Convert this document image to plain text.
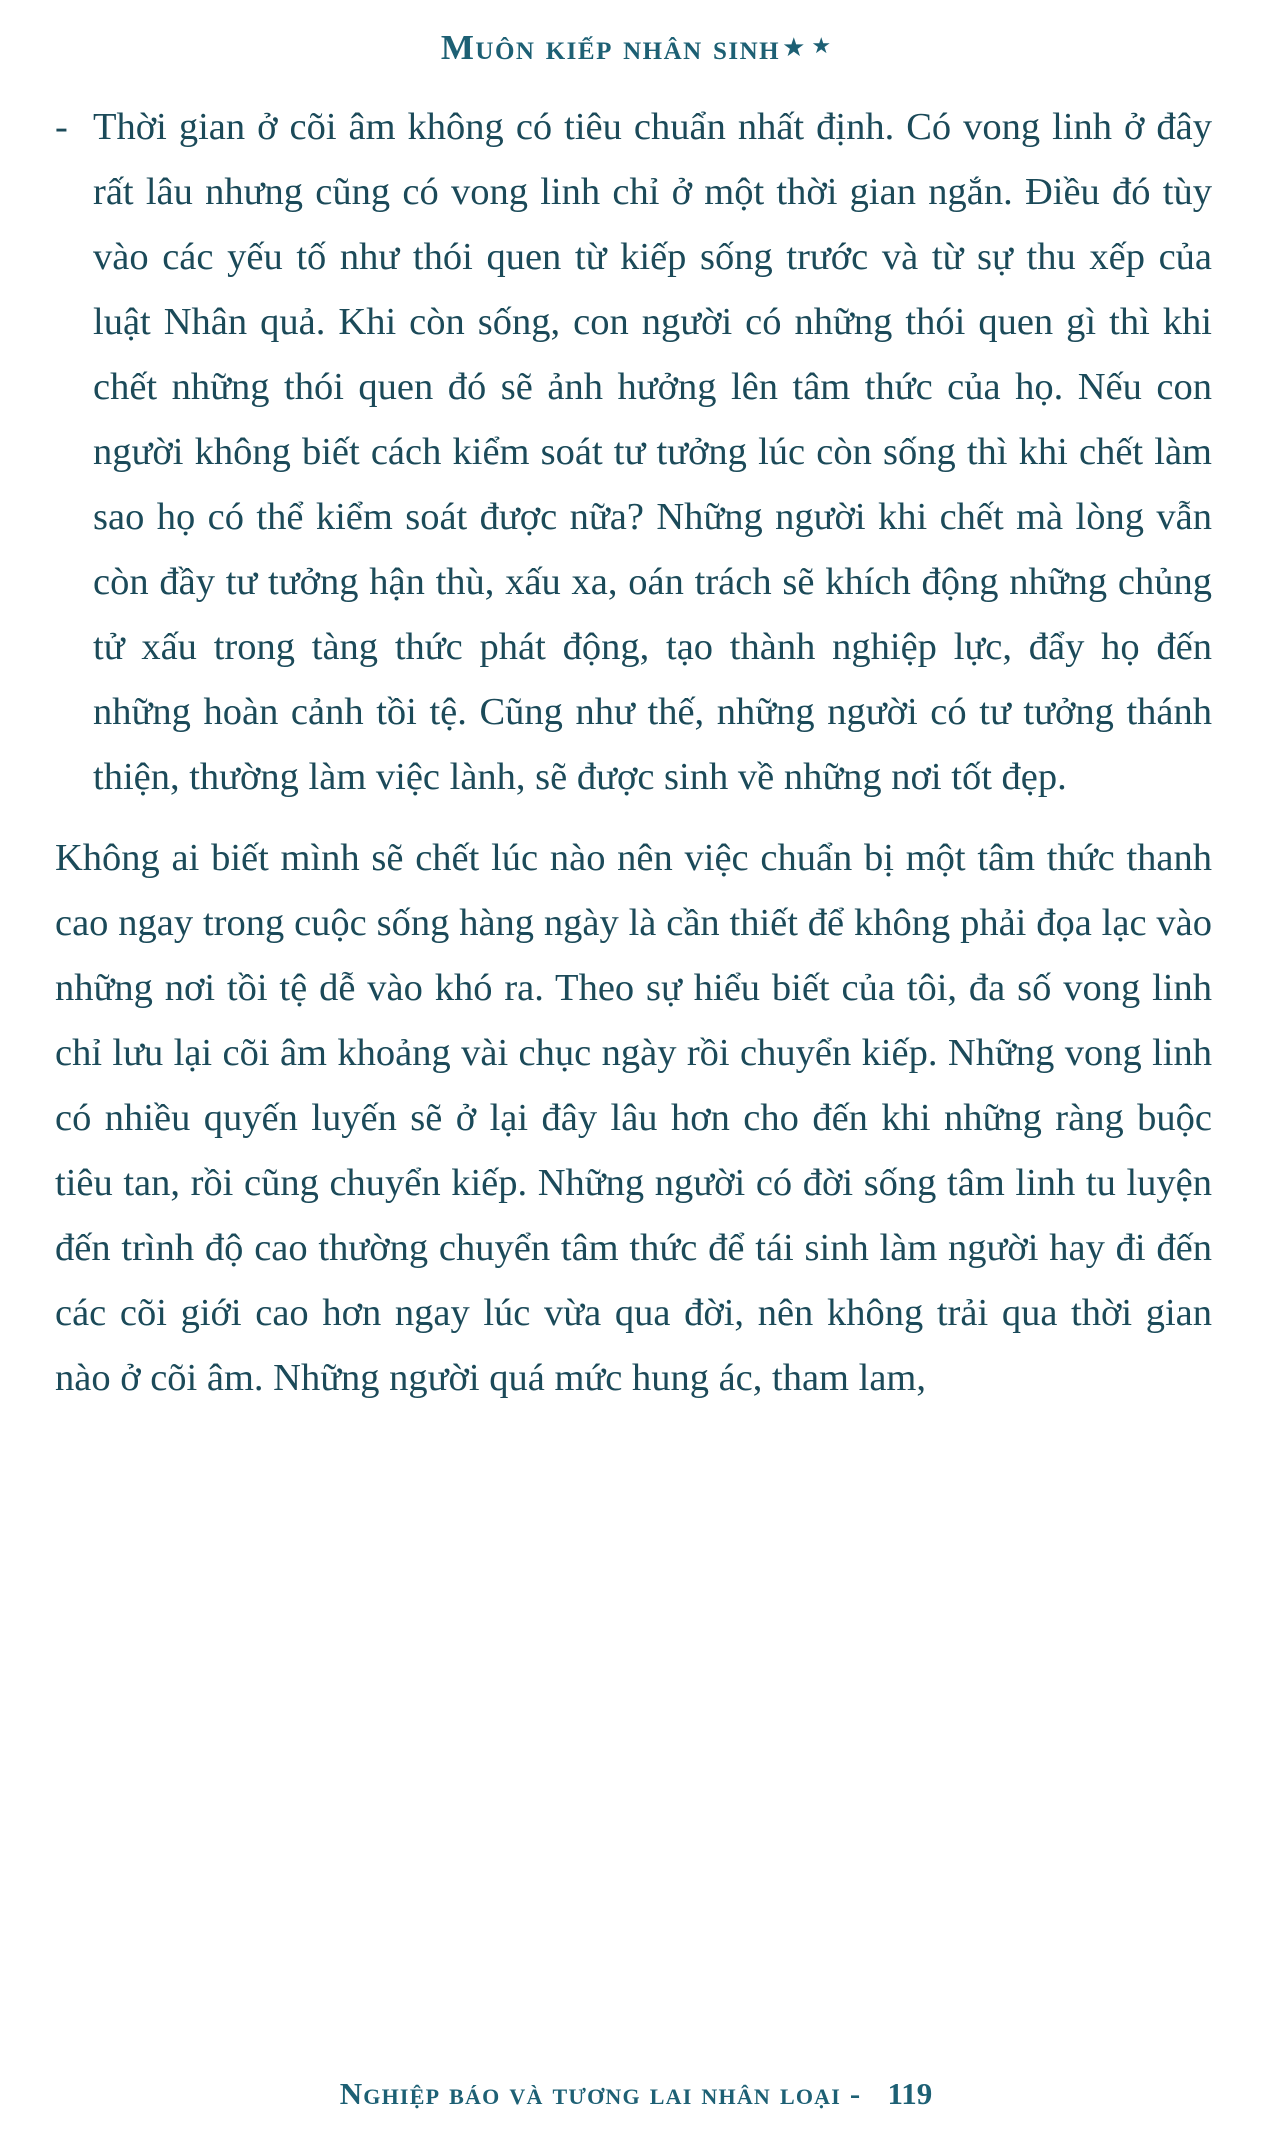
Muôn kiếp nhân sinh ★ ★
- Thời gian ở cõi âm không có tiêu chuẩn nhất định. Có vong linh ở đây rất lâu nhưng cũng có vong linh chỉ ở một thời gian ngắn. Điều đó tùy vào các yếu tố như thói quen từ kiếp sống trước và từ sự thu xếp của luật Nhân quả. Khi còn sống, con người có những thói quen gì thì khi chết những thói quen đó sẽ ảnh hưởng lên tâm thức của họ. Nếu con người không biết cách kiểm soát tư tưởng lúc còn sống thì khi chết làm sao họ có thể kiểm soát được nữa? Những người khi chết mà lòng vẫn còn đầy tư tưởng hận thù, xấu xa, oán trách sẽ khích động những chủng tử xấu trong tàng thức phát động, tạo thành nghiệp lực, đẩy họ đến những hoàn cảnh tồi tệ. Cũng như thế, những người có tư tưởng thánh thiện, thường làm việc lành, sẽ được sinh về những nơi tốt đẹp.

Không ai biết mình sẽ chết lúc nào nên việc chuẩn bị một tâm thức thanh cao ngay trong cuộc sống hàng ngày là cần thiết để không phải đọa lạc vào những nơi tồi tệ dễ vào khó ra. Theo sự hiểu biết của tôi, đa số vong linh chỉ lưu lại cõi âm khoảng vài chục ngày rồi chuyển kiếp. Những vong linh có nhiều quyến luyến sẽ ở lại đây lâu hơn cho đến khi những ràng buộc tiêu tan, rồi cũng chuyển kiếp. Những người có đời sống tâm linh tu luyện đến trình độ cao thường chuyển tâm thức để tái sinh làm người hay đi đến các cõi giới cao hơn ngay lúc vừa qua đời, nên không trải qua thời gian nào ở cõi âm. Những người quá mức hung ác, tham lam,

Nghiệp báo và tương lai nhân loại - 119
